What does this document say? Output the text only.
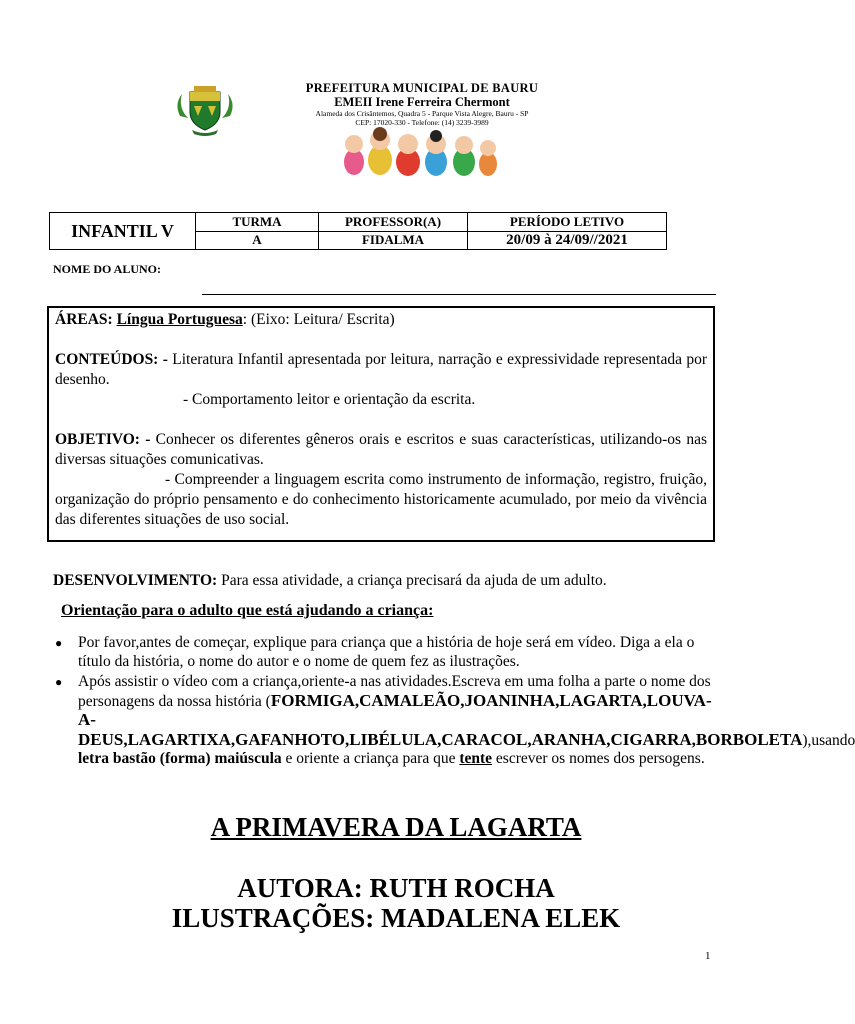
PREFEITURA MUNICIPAL DE BAURU
EMEII Irene Ferreira Chermont
Alameda dos Crisântemos, Quadra 5 - Parque Vista Alegre, Bauru - SP
CEP: 17020-330 - Telefone: (14) 3239-3989
INFANTIL V	TURMA	PROFESSOR(A)	PERÍODO LETIVO
	A	FIDALMA	20/09 à 24/09//2021
NOME DO ALUNO:

ÁREAS: Língua Portuguesa: (Eixo: Leitura/ Escrita)

CONTEÚDOS: - Literatura Infantil apresentada por leitura, narração e expressividade representada por desenho.

- Comportamento leitor e orientação da escrita.

OBJETIVO: - Conhecer os diferentes gêneros orais e escritos e suas características, utilizando-os nas diversas situações comunicativas.

- Compreender a linguagem escrita como instrumento de informação, registro, fruição, organização do próprio pensamento e do conhecimento historicamente acumulado, por meio da vivência das diferentes situações de uso social.

DESENVOLVIMENTO: Para essa atividade, a criança precisará da ajuda de um adulto.
Orientação para o adulto que está ajudando a criança:
● Por favor,antes de começar, explique para criança que a história de hoje será em vídeo. Diga a ela o título da história, o nome do autor e o nome de quem fez as ilustrações.
● Após assistir o vídeo com a criança,oriente-a nas atividades.Escreva em uma folha a parte o nome dos personagens da nossa história (FORMIGA,CAMALEÃO,JOANINHA,LAGARTA,LOUVA-A-DEUS,LAGARTIXA,GAFANHOTO,LIBÉLULA,CARACOL,ARANHA,CIGARRA,BORBOLETA),usando letra bastão (forma) maiúscula e oriente a criança para que tente escrever os nomes dos persogens.
A PRIMAVERA DA LAGARTA
AUTORA: RUTH ROCHA
ILUSTRAÇÕES: MADALENA ELEK
1
